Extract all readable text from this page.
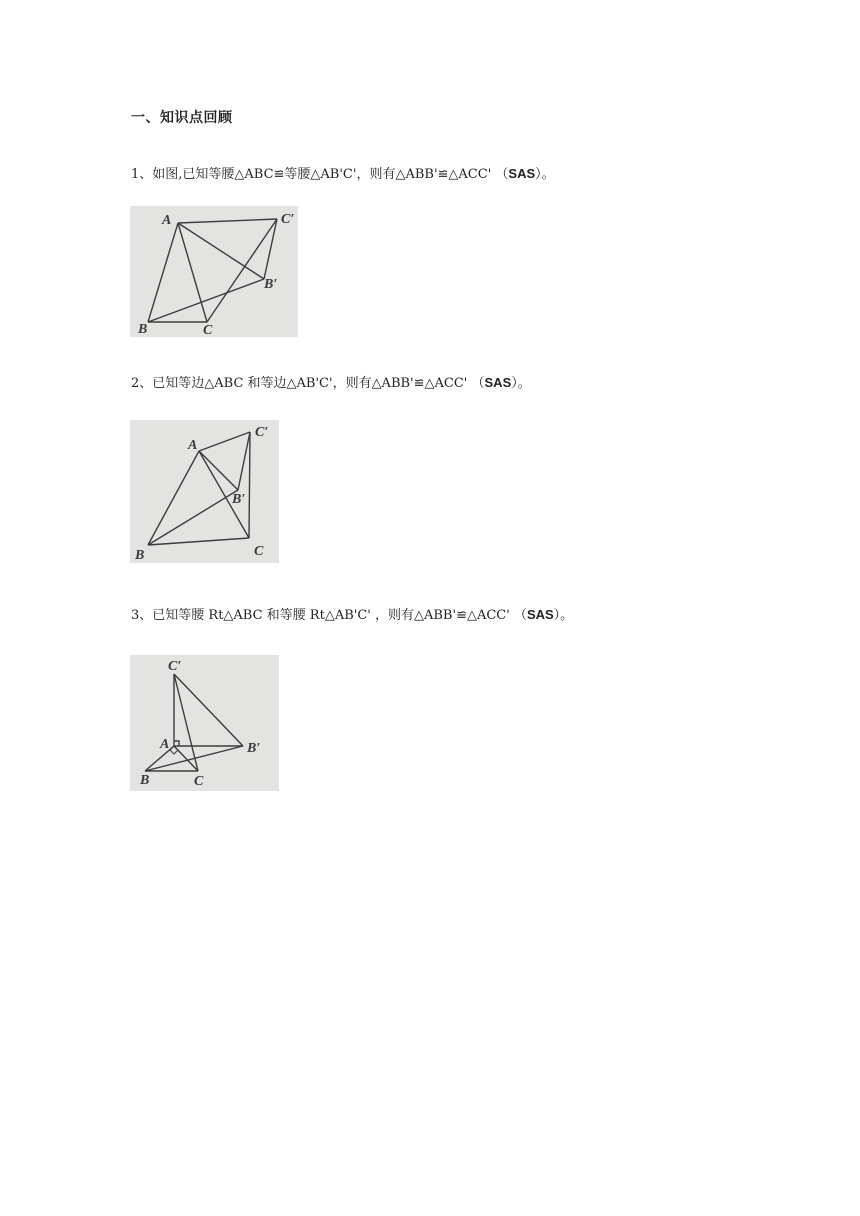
一、知识点回顾
1、如图,已知等腰△ABC≌等腰△AB'C'，则有△ABB'≌△ACC' （SAS）。
A
B	C
B′
C′
2、已知等边△ABC 和等边△AB'C'，则有△ABB'≌△ACC' （SAS）。
A
B	C
B′
C′
3、已知等腰 Rt△ABC 和等腰 Rt△AB'C' ，则有△ABB'≌△ACC' （SAS）。
A
B	C
B′
C′
